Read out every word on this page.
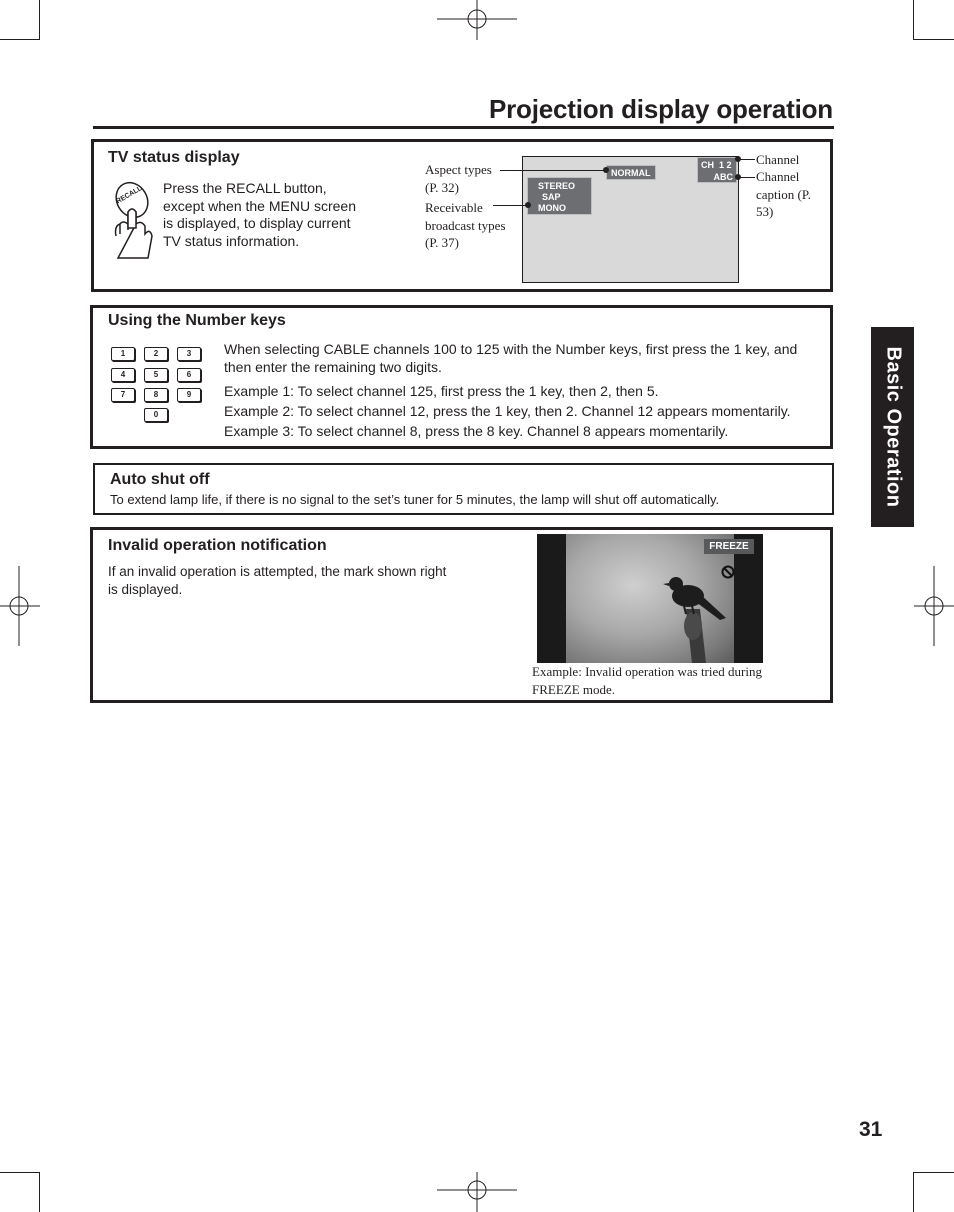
Projection display operation
Basic Operation
TV status display
RECALL Press the RECALL button, except when the MENU screen is displayed, to display current TV status information.
Aspect types (P. 32)
Receivable broadcast types (P. 37)
NORMAL
STEREO
SAP
MONO
CH  1 2
ABC
Channel
Channel caption (P. 53)
Using the Number keys
1	2	3
4	5	6
7	8	9
0
When selecting CABLE channels 100 to 125 with the Number keys, first press the 1 key, and then enter the remaining two digits.
Example 1: To select channel 125, first press the 1 key, then 2, then 5.
Example 2: To select channel 12, press the 1 key, then 2. Channel 12 appears momentarily.
Example 3: To select channel 8, press the 8 key. Channel 8 appears momentarily.
Auto shut off
To extend lamp life, if there is no signal to the set’s tuner for 5 minutes, the lamp will shut off automatically.
Invalid operation notification
If an invalid operation is attempted, the mark shown right is displayed.
FREEZE
Example: Invalid operation was tried during FREEZE mode.
31
